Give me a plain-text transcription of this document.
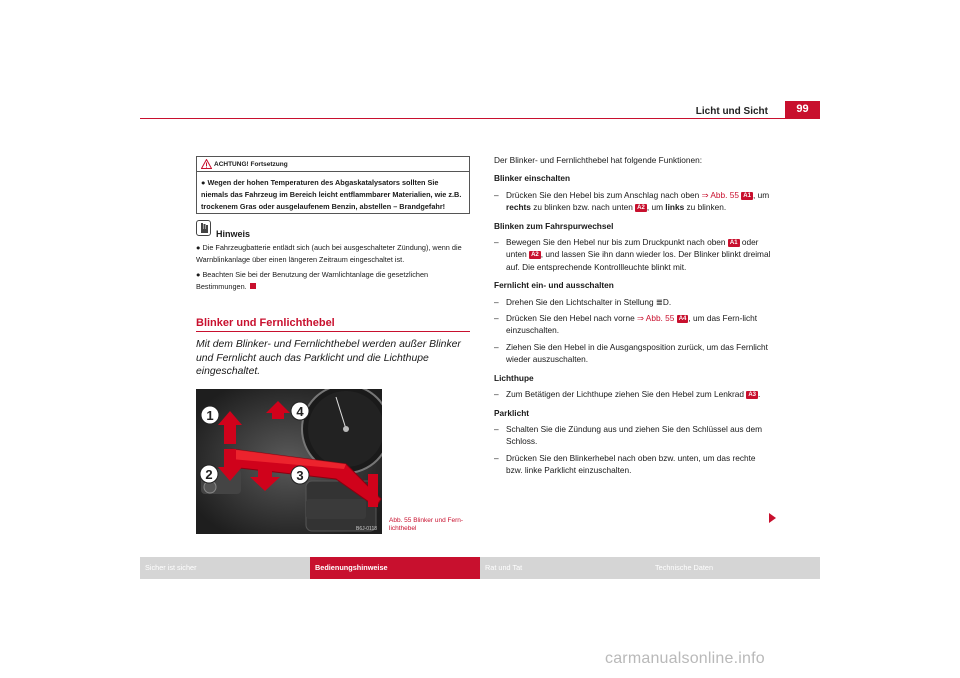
Licht und Sicht	99
ACHTUNG! Fortsetzung
● Wegen der hohen Temperaturen des Abgaskatalysators sollten Sie niemals das Fahrzeug im Bereich leicht entflammbarer Materialien, wie z.B. trockenem Gras oder ausgelaufenem Benzin, abstellen – Brandgefahr!
Hinweis

● Die Fahrzeugbatterie entlädt sich (auch bei ausgeschalteter Zündung), wenn die Warnblinkanlage über einen längeren Zeitraum eingeschaltet ist.

● Beachten Sie bei der Benutzung der Warnlichtanlage die gesetzlichen Bestimmungen.

Blinker und Fernlichthebel
Mit dem Blinker- und Fernlichthebel werden außer Blinker und Fernlicht auch das Parklicht und die Lichthupe eingeschaltet.
1
2	3
4
B6J-0118
Abb. 55 Blinker und Fern-lichthebel

Der Blinker- und Fernlichthebel hat folgende Funktionen:

Blinker einschalten

– Drücken Sie den Hebel bis zum Anschlag nach oben ⇒ Abb. 55 A1 , um rechts zu blinken bzw. nach unten A2 , um links zu blinken.

Blinken zum Fahrspurwechsel

– Bewegen Sie den Hebel nur bis zum Druckpunkt nach oben A1 oder unten A2 , und lassen Sie ihn dann wieder los. Der Blinker blinkt dreimal auf. Die entsprechende Kontrollleuchte blinkt mit.

Fernlicht ein- und ausschalten

– Drehen Sie den Lichtschalter in Stellung ≣D.

– Drücken Sie den Hebel nach vorne ⇒ Abb. 55 A4 , um das Fern-licht einzuschalten.

– Ziehen Sie den Hebel in die Ausgangsposition zurück, um das Fernlicht wieder auszuschalten.

Lichthupe

– Zum Betätigen der Lichthupe ziehen Sie den Hebel zum Lenkrad A3 .

Parklicht

– Schalten Sie die Zündung aus und ziehen Sie den Schlüssel aus dem Schloss.

– Drücken Sie den Blinkerhebel nach oben bzw. unten, um das rechte bzw. linke Parklicht einzuschalten.

Sicher ist sicher	Bedienungshinweise	Rat und Tat	Technische Daten
carmanualsonline.info
